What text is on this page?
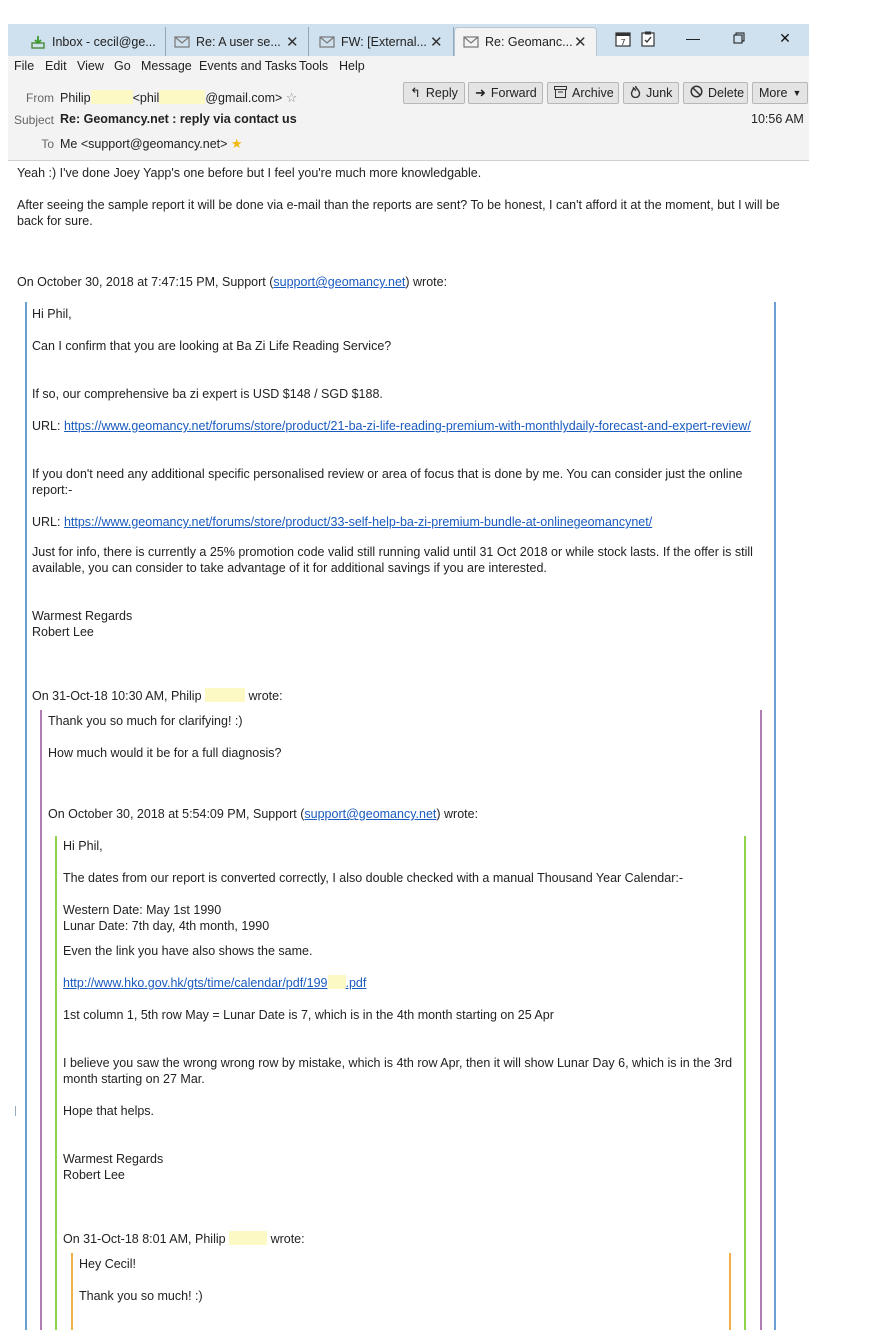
Inbox - cecil@ge...	Re: A user se... ✕	FW: [External... ✕	Re: Geomanc... ✕	7	—	✕
File Edit View Go Message Events and Tasks Tools Help
From Philip	<phil	@gmail.com> ☆
Subject Re: Geomancy.net : reply via contact us	10:56 AM
To Me <support@geomancy.net> ★
↰ Reply ➜ Forward	Archive	Junk	Delete More ▼
Yeah :) I've done Joey Yapp's one before but I feel you're much more knowledgable.
After seeing the sample report it will be done via e-mail than the reports are sent? To be honest, I can't afford it at the moment, but I will be back for sure.
On October 30, 2018 at 7:47:15 PM, Support (support@geomancy.net) wrote:
Hi Phil,
Can I confirm that you are looking at Ba Zi Life Reading Service?
If so, our comprehensive ba zi expert is USD $148 / SGD $188.
URL: https://www.geomancy.net/forums/store/product/21-ba-zi-life-reading-premium-with-monthlydaily-forecast-and-expert-review/
If you don't need any additional specific personalised review or area of focus that is done by me. You can consider just the online report:-
URL: https://www.geomancy.net/forums/store/product/33-self-help-ba-zi-premium-bundle-at-onlinegeomancynet/
Just for info, there is currently a 25% promotion code valid still running valid until 31 Oct 2018 or while stock lasts. If the offer is still available, you can consider to take advantage of it for additional savings if you are interested.
Warmest Regards
Robert Lee
On 31-Oct-18 10:30 AM, Philip	wrote:
Thank you so much for clarifying! :)
How much would it be for a full diagnosis?
On October 30, 2018 at 5:54:09 PM, Support (support@geomancy.net) wrote:
Hi Phil,
The dates from our report is converted correctly, I also double checked with a manual Thousand Year Calendar:-
Western Date: May 1st 1990
Lunar Date: 7th day, 4th month, 1990
Even the link you have also shows the same.
http://www.hko.gov.hk/gts/time/calendar/pdf/199 .pdf
1st column 1, 5th row May = Lunar Date is 7, which is in the 4th month starting on 25 Apr
I believe you saw the wrong wrong row by mistake, which is 4th row Apr, then it will show Lunar Day 6, which is in the 3rd month starting on 27 Mar.
Hope that helps.
Warmest Regards
Robert Lee
On 31-Oct-18 8:01 AM, Philip	wrote:
Hey Cecil!
Thank you so much! :)
